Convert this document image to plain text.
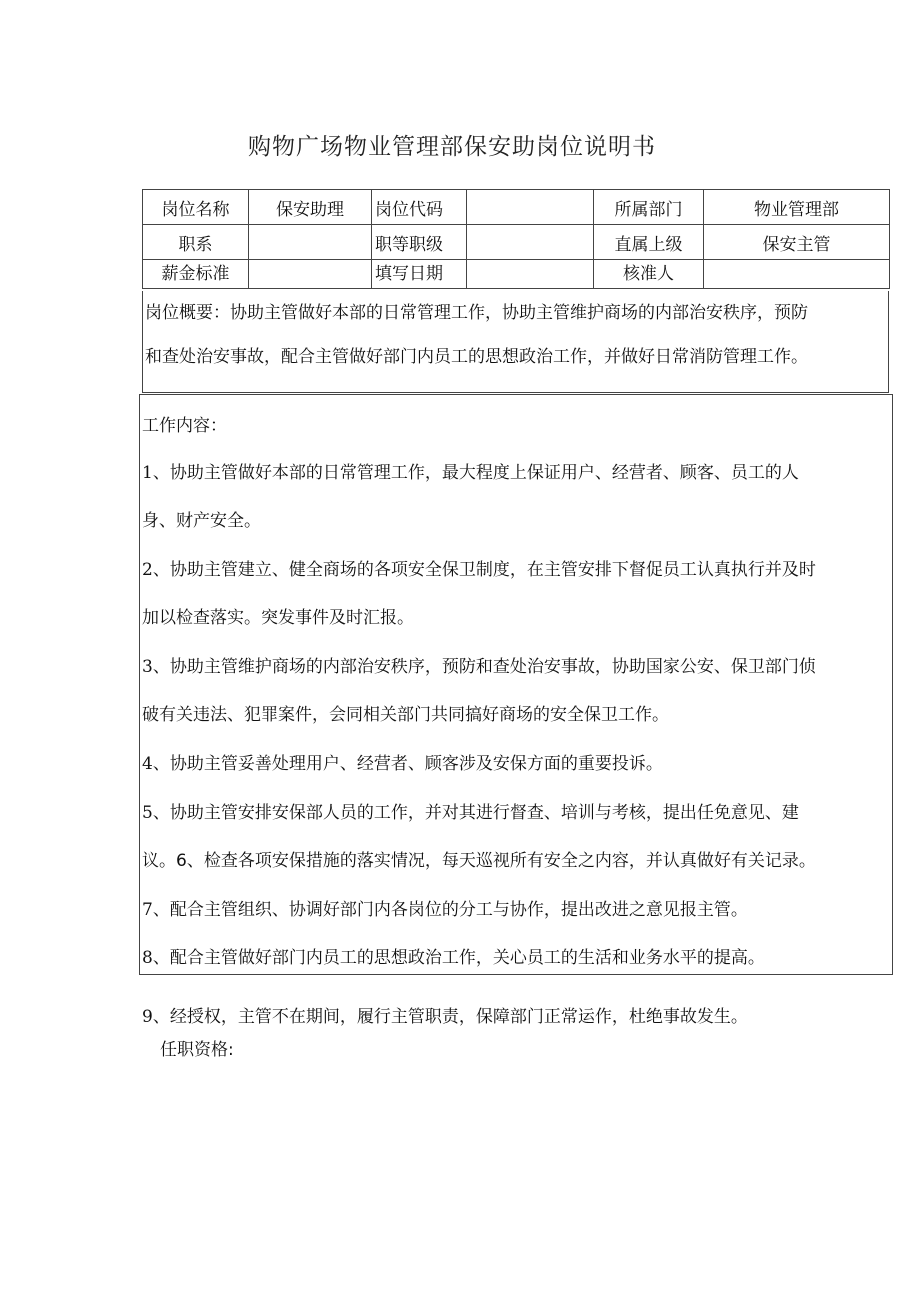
购物广场物业管理部保安助岗位说明书
岗位名称	保安助理	岗位代码		所属部门	物业管理部
职系		职等职级		直属上级	保安主管
薪金标准		填写日期		核准人	

岗位概要：协助主管做好本部的日常管理工作，协助主管维护商场的内部治安秩序，预防

和查处治安事故，配合主管做好部门内员工的思想政治工作，并做好日常消防管理工作。

工作内容：
1、协助主管做好本部的日常管理工作，最大程度上保证用户、经营者、顾客、员工的人
身、财产安全。
2、协助主管建立、健全商场的各项安全保卫制度，在主管安排下督促员工认真执行并及时
加以检查落实。突发事件及时汇报。
3、协助主管维护商场的内部治安秩序，预防和查处治安事故，协助国家公安、保卫部门侦
破有关违法、犯罪案件，会同相关部门共同搞好商场的安全保卫工作。
4、协助主管妥善处理用户、经营者、顾客涉及安保方面的重要投诉。
5、协助主管安排安保部人员的工作，并对其进行督查、培训与考核，提出任免意见、建
议。6、检查各项安保措施的落实情况，每天巡视所有安全之内容，并认真做好有关记录。
7、配合主管组织、协调好部门内各岗位的分工与协作，提出改进之意见报主管。
8、配合主管做好部门内员工的思想政治工作，关心员工的生活和业务水平的提高。
9、经授权，主管不在期间，履行主管职责，保障部门正常运作，杜绝事故发生。
任职资格:
